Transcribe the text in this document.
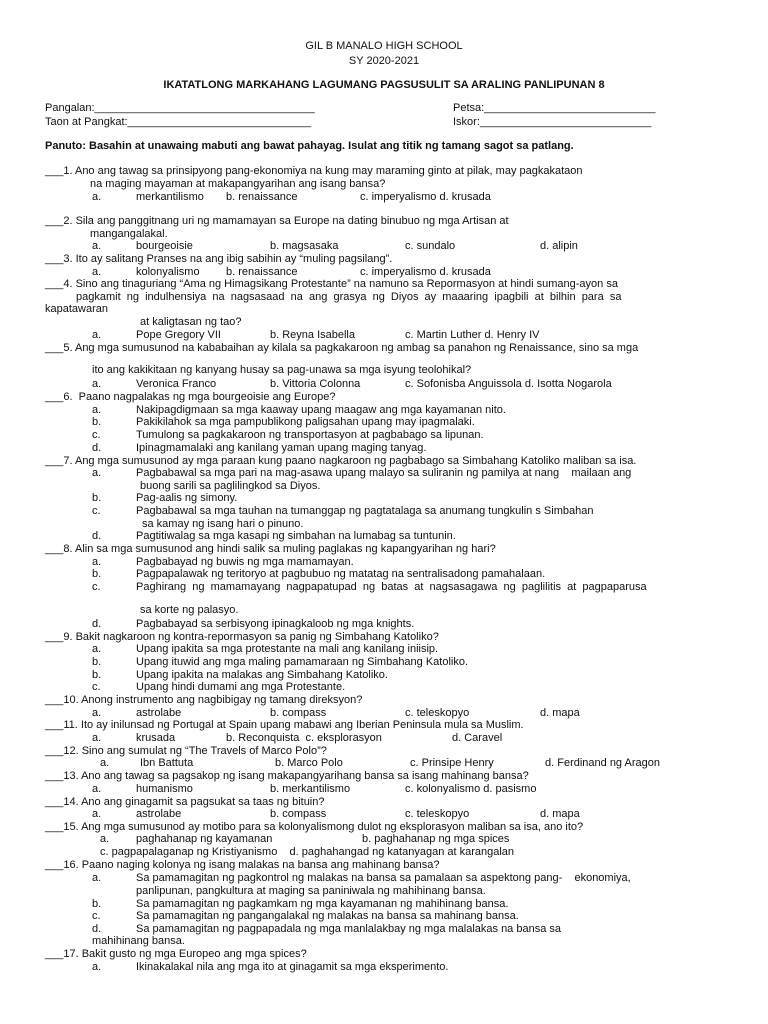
GIL B MANALO HIGH SCHOOL
SY 2020-2021
IKATATLONG MARKAHANG LAGUMANG PAGSUSULIT SA ARALING PANLIPUNAN 8
Pangalan:____________________________________	Petsa:____________________________
Taon at Pangkat:______________________________	Iskor:____________________________
Panuto: Basahin at unawaing mabuti ang bawat pahayag. Isulat ang titik ng tamang sagot sa patlang.
___1. Ano ang tawag sa prinsipyong pang-ekonomiya na kung may maraming ginto at pilak, may pagkakataon
na maging mayaman at makapangyarihan ang isang bansa?
a.	merkantilismo b. renaissance	c. imperyalismo d. krusada
___2. Sila ang panggitnang uri ng mamamayan sa Europe na dating binubuo ng mga Artisan at
mangangalakal.
a.	bourgeoisie	b. magsasaka	c. sundalo	d. alipin
___3. Ito ay salitang Pranses na ang ibig sabihin ay “muling pagsilang”.
a.	kolonyalismo b. renaissance	c. imperyalismo d. krusada
___4. Sino ang tinaguriang “Ama ng Himagsikang Protestante” na namuno sa Repormasyon at hindi sumang-ayon sa
pagkamit  ng  indulhensiya  na  nagsasaad  na  ang  grasya  ng  Diyos  ay  maaaring  ipagbili  at  bilhin  para  sa
kapatawaran
at kaligtasan ng tao?
a.	Pope Gregory VII	b. Reyna Isabella	c. Martin Luther d. Henry IV
___5. Ang mga sumusunod na kababaihan ay kilala sa pagkakaroon ng ambag sa panahon ng Renaissance, sino sa mga
ito ang kakikitaan ng kanyang husay sa pag-unawa sa mga isyung teolohikal?
a.	Veronica Franco	b. Vittoria Colonna	c. Sofonisba Anguissola d. Isotta Nogarola
___6.  Paano nagpalakas ng mga bourgeoisie ang Europe?
a.	Nakipagdigmaan sa mga kaaway upang maagaw ang mga kayamanan nito.
b.	Pakikilahok sa mga pampublikong paligsahan upang may ipagmalaki.
c.	Tumulong sa pagkakaroon ng transportasyon at pagbabago sa lipunan.
d.	Ipinagmamalaki ang kanilang yaman upang maging tanyag.
___7. Ang mga sumusunod ay mga paraan kung paano nagkaroon ng pagbabago sa Simbahang Katoliko maliban sa isa.
a.	Pagbabawal sa mga pari na mag-asawa upang malayo sa suliranin ng pamilya at nang    mailaan ang
buong sarili sa paglilingkod sa Diyos.
b.	Pag-aalis ng simony.
c.	Pagbabawal sa mga tauhan na tumanggap ng pagtatalaga sa anumang tungkulin s Simbahan
sa kamay ng isang hari o pinuno.
d.	Pagtitiwalag sa mga kasapi ng simbahan na lumabag sa tuntunin.
___8. Alin sa mga sumusunod ang hindi salik sa muling paglakas ng kapangyarihan ng hari?
a.	Pagbabayad ng buwis ng mga mamamayan.
b.	Pagpapalawak ng teritoryo at pagbubuo ng matatag na sentralisadong pamahalaan.
c.	Paghirang  ng  mamamayang  nagpapatupad  ng  batas  at  nagsasagawa  ng  paglilitis  at  pagpaparusa
sa korte ng palasyo.
d.	Pagbabayad sa serbisyong ipinagkaloob ng mga knights.
___9. Bakit nagkaroon ng kontra-repormasyon sa panig ng Simbahang Katoliko?
a.	Upang ipakita sa mga protestante na mali ang kanilang iniisip.
b.	Upang ituwid ang mga maling pamamaraan ng Simbahang Katoliko.
b.	Upang ipakita na malakas ang Simbahang Katoliko.
c.	Upang hindi dumami ang mga Protestante.
___10. Anong instrumento ang nagbibigay ng tamang direksyon?
a.	astrolabe	b. compass	c. teleskopyo	d. mapa
___11. Ito ay inilunsad ng Portugal at Spain upang mabawi ang Iberian Peninsula mula sa Muslim.
a.	krusada	b. Reconquista  c. eksplorasyon	d. Caravel
___12. Sino ang sumulat ng “The Travels of Marco Polo”?
a.	Ibn Battuta	b. Marco Polo	c. Prinsipe Henry	d. Ferdinand ng Aragon
___13. Ano ang tawag sa pagsakop ng isang makapangyarihang bansa sa isang mahinang bansa?
a.	humanismo	b. merkantilismo	c. kolonyalismo d. pasismo
___14. Ano ang ginagamit sa pagsukat sa taas ng bituin?
a.	astrolabe	b. compass	c. teleskopyo	d. mapa
___15. Ang mga sumusunod ay motibo para sa kolonyalismong dulot ng eksplorasyon maliban sa isa, ano ito?
a. paghahanap ng kayamanan	b. paghahanap ng mga spices
c. pagpapalaganap ng Kristiyanismo    d. paghahangad ng katanyagan at karangalan
___16. Paano naging kolonya ng isang malakas na bansa ang mahinang bansa?
a.	Sa pamamagitan ng pagkontrol ng malakas na bansa sa pamalaan sa aspektong pang-    ekonomiya,
panlipunan, pangkultura at maging sa paniniwala ng mahihinang bansa.
b.	Sa pamamagitan ng pagkamkam ng mga kayamanan ng mahihinang bansa.
c.	Sa pamamagitan ng pangangalakal ng malakas na bansa sa mahinang bansa.
d.	Sa pamamagitan ng pagpapadala ng mga manlalakbay ng mga malalakas na bansa sa
mahihinang bansa.
___17. Bakit gusto ng mga Europeo ang mga spices?
a.	Ikinakalakal nila ang mga ito at ginagamit sa mga eksperimento.
